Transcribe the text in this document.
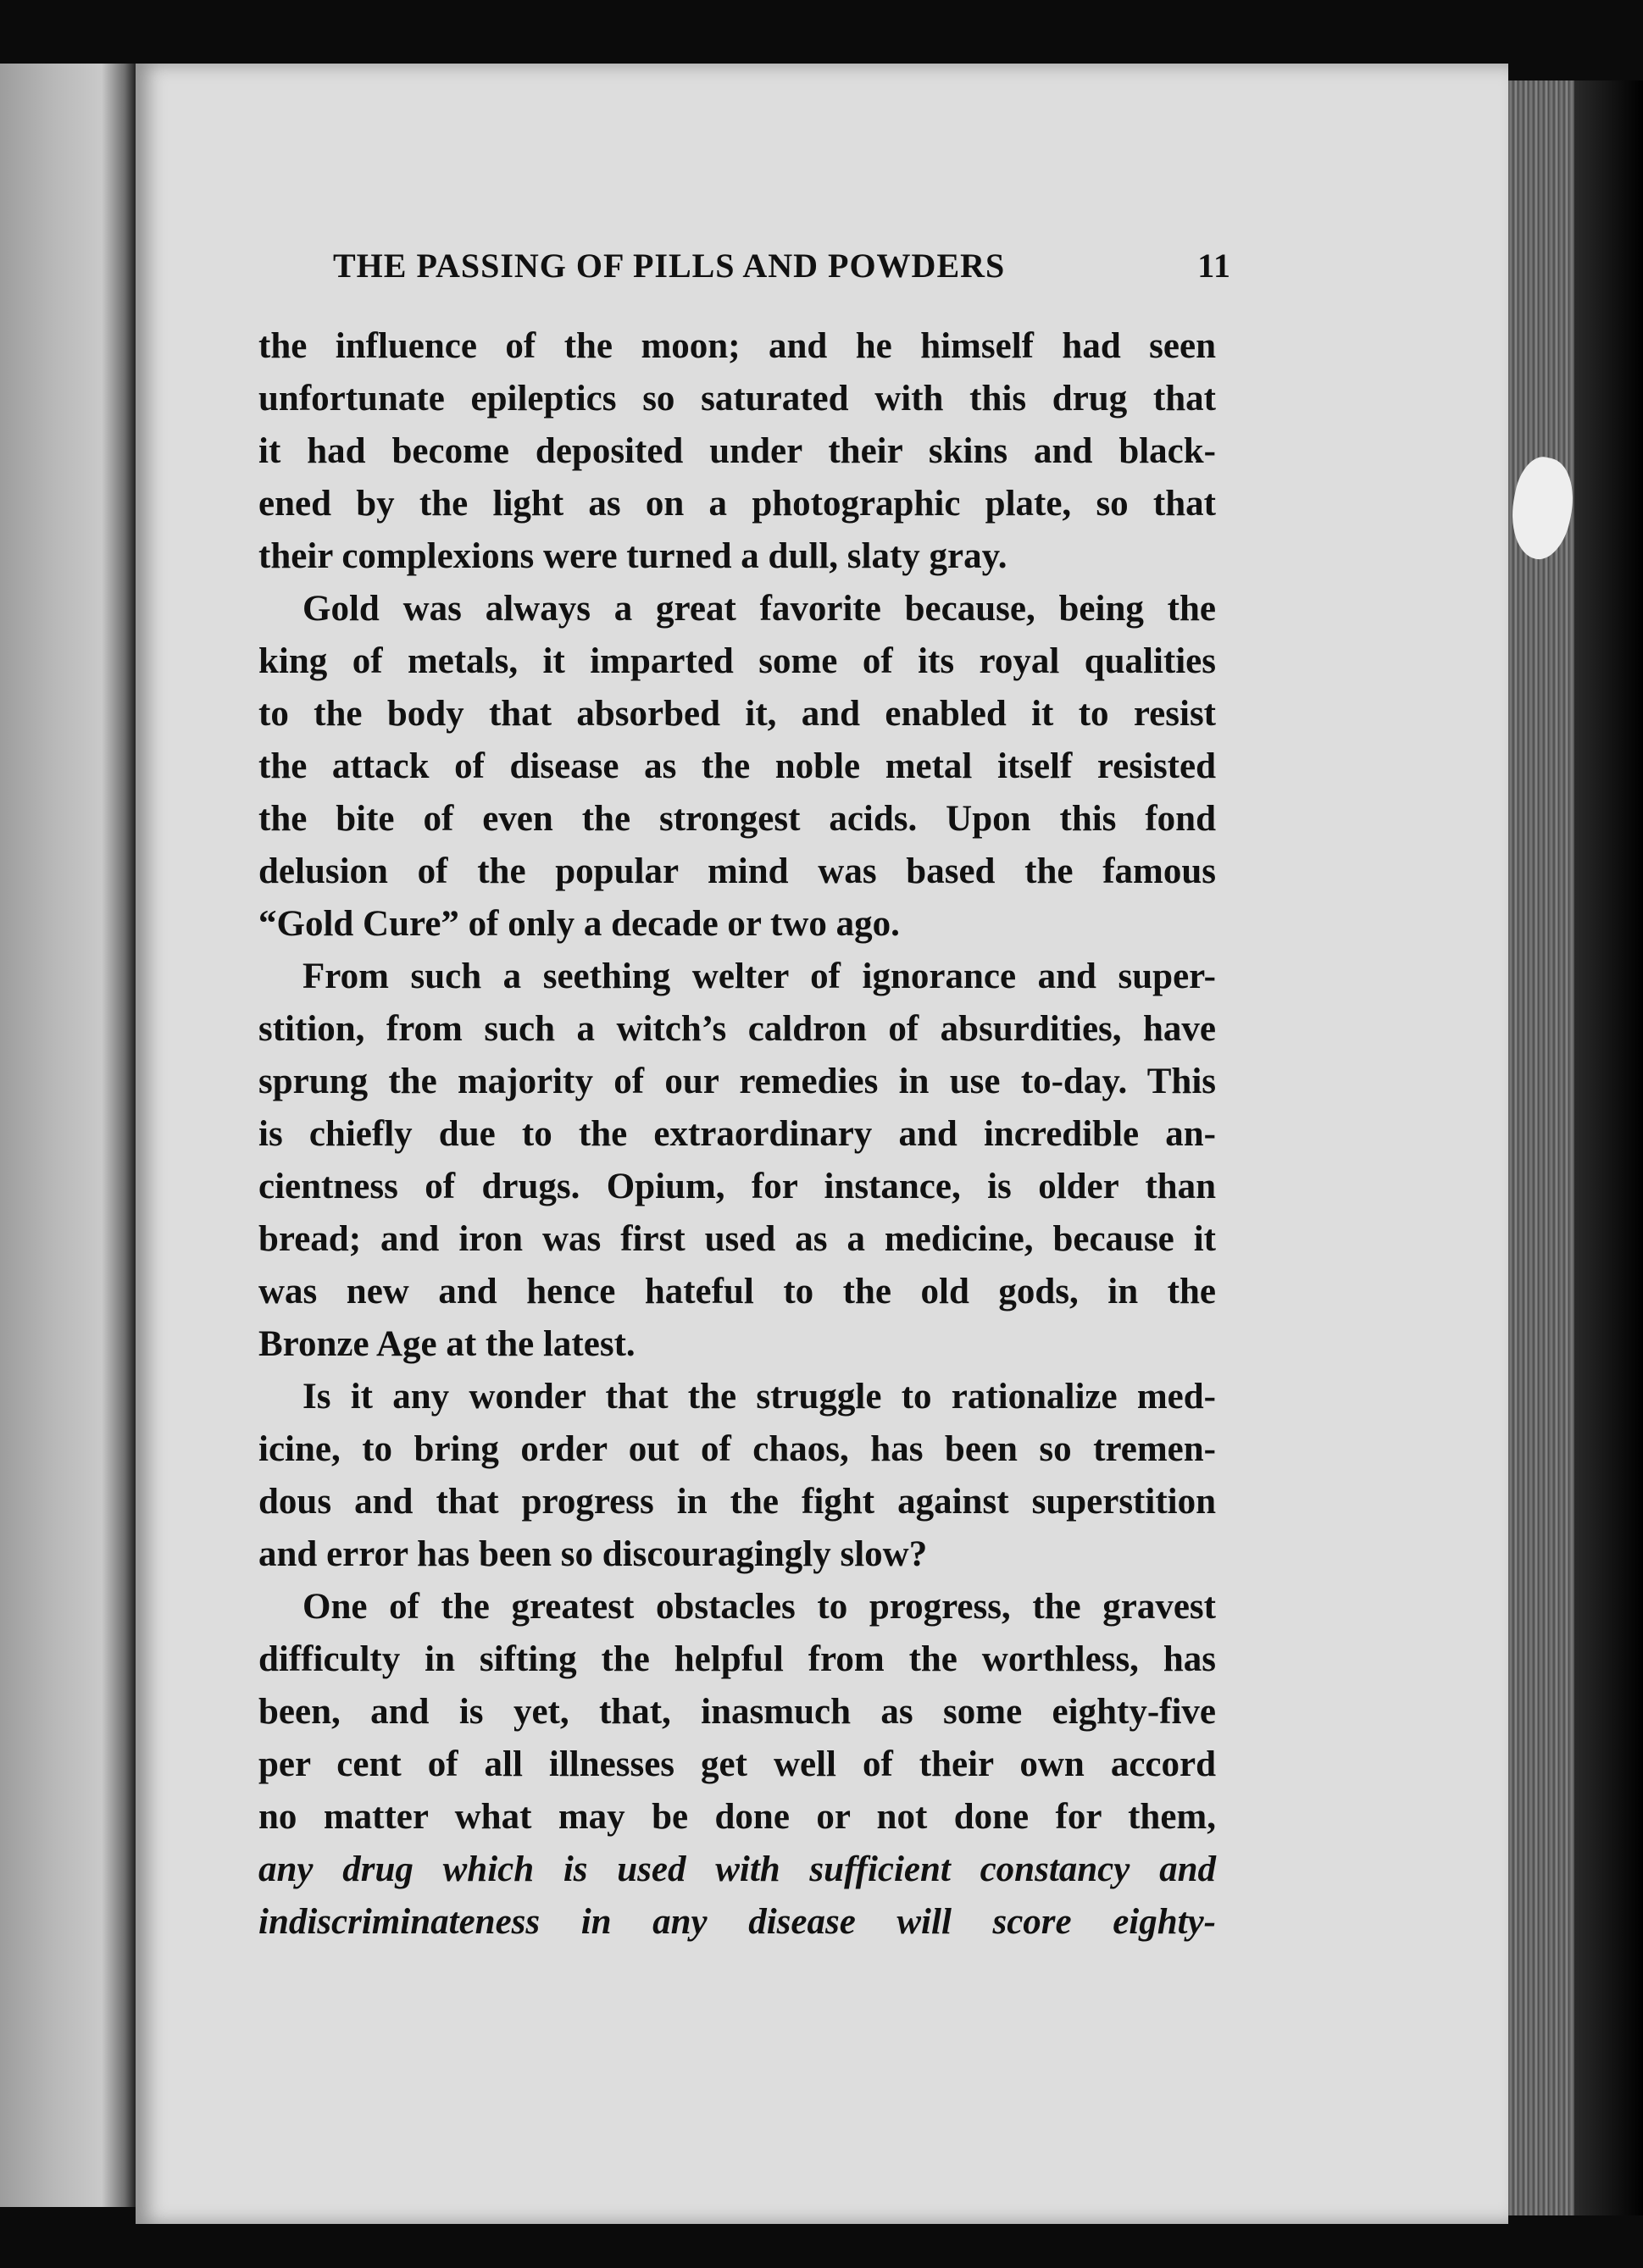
THE PASSING OF PILLS AND POWDERS	11

the influence of the moon; and he himself had seen

unfortunate epileptics so saturated with this drug that

it had become deposited under their skins and black-

ened by the light as on a photographic plate, so that

their complexions were turned a dull, slaty gray.

Gold was always a great favorite because, being the

king of metals, it imparted some of its royal qualities

to the body that absorbed it, and enabled it to resist

the attack of disease as the noble metal itself resisted

the bite of even the strongest acids. Upon this fond

delusion of the popular mind was based the famous

“Gold Cure” of only a decade or two ago.

From such a seething welter of ignorance and super-

stition, from such a witch’s caldron of absurdities, have

sprung the majority of our remedies in use to-day. This

is chiefly due to the extraordinary and incredible an-

cientness of drugs. Opium, for instance, is older than

bread; and iron was first used as a medicine, because it

was new and hence hateful to the old gods, in the

Bronze Age at the latest.

Is it any wonder that the struggle to rationalize med-

icine, to bring order out of chaos, has been so tremen-

dous and that progress in the fight against superstition

and error has been so discouragingly slow?

One of the greatest obstacles to progress, the gravest

difficulty in sifting the helpful from the worthless, has

been, and is yet, that, inasmuch as some eighty-five

per cent of all illnesses get well of their own accord

no matter what may be done or not done for them,

any drug which is used with sufficient constancy and

indiscriminateness in any disease will score eighty-
